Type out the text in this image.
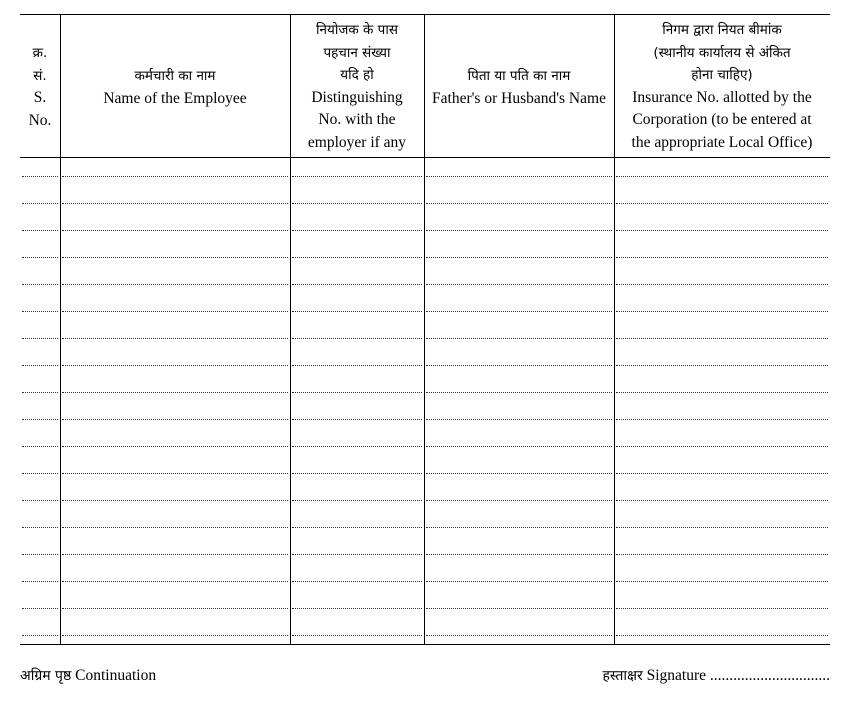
क्र.
सं.
S.
No.
कर्मचारी का नाम
Name of the Employee
नियोजक के पास
पहचान संख्या
यदि हो
Distinguishing
No. with the
employer if any
पिता या पति का नाम
Father's or Husband's Name
निगम द्वारा नियत बीमांक
(स्थानीय कार्यालय से अंकित
होना चाहिए)
Insurance No. allotted by the
Corporation (to be entered at
the appropriate Local Office)
अग्रिम पृष्ठ Continuation	हस्ताक्षर Signature ...............................
